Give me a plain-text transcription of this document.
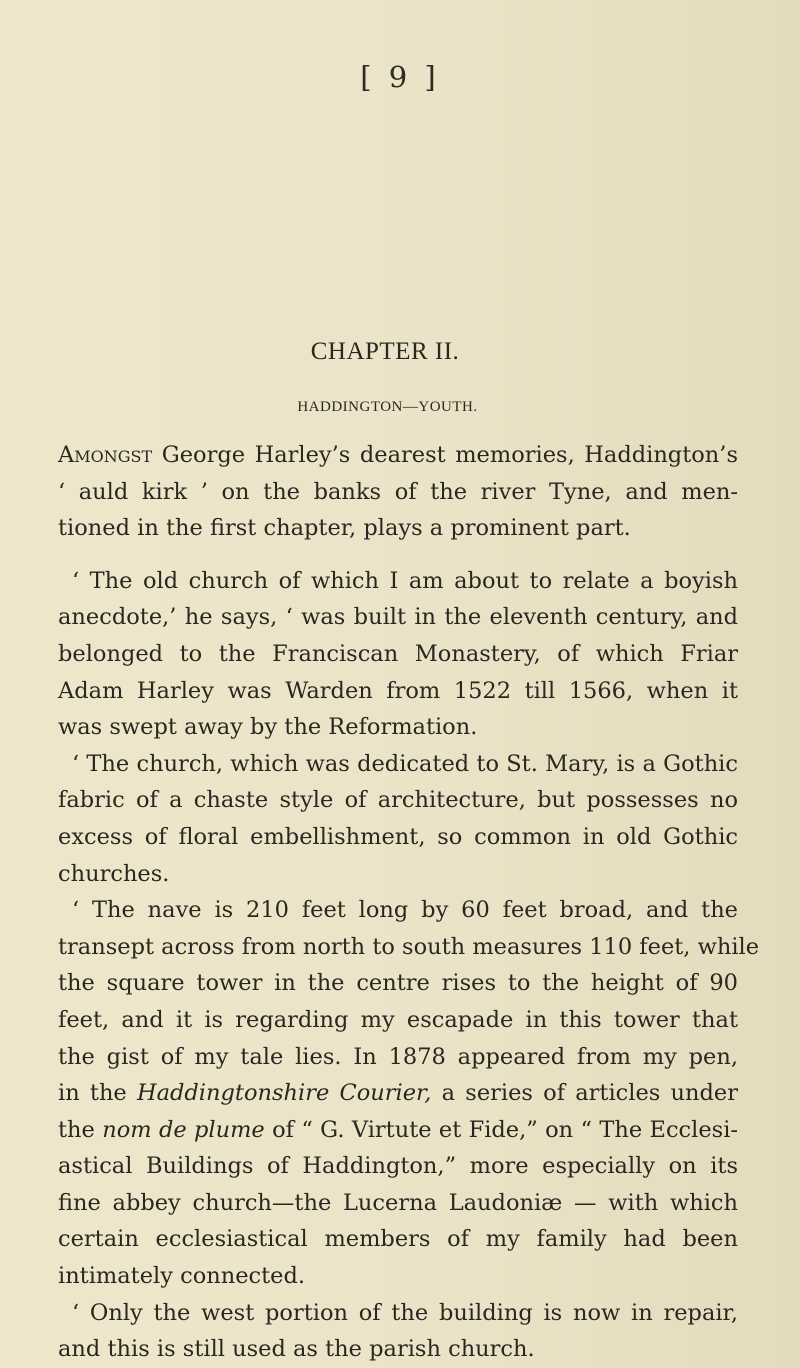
[ 9 ]
CHAPTER II.
HADDINGTON—YOUTH.
Amongst George Harley’s dearest memories, Haddington’s
‘ auld kirk ’ on the banks of the river Tyne, and men-
tioned in the first chapter, plays a prominent part.
‘ The old church of which I am about to relate a boyish
anecdote,’ he says, ‘ was built in the eleventh century, and
belonged to the Franciscan Monastery, of which Friar
Adam Harley was Warden from 1522 till 1566, when it
was swept away by the Reformation.
‘ The church, which was dedicated to St. Mary, is a Gothic
fabric of a chaste style of architecture, but possesses no
excess of floral embellishment, so common in old Gothic
churches.
‘ The nave is 210 feet long by 60 feet broad, and the
transept across from north to south measures 110 feet, while
the square tower in the centre rises to the height of 90
feet, and it is regarding my escapade in this tower that
the gist of my tale lies. In 1878 appeared from my pen,
in the Haddingtonshire Courier, a series of articles under
the nom de plume of “ G. Virtute et Fide,” on “ The Ecclesi-
astical Buildings of Haddington,” more especially on its
fine abbey church—the Lucerna Laudoniæ — with which
certain ecclesiastical members of my family had been
intimately connected.
‘ Only the west portion of the building is now in repair,
and this is still used as the parish church.
